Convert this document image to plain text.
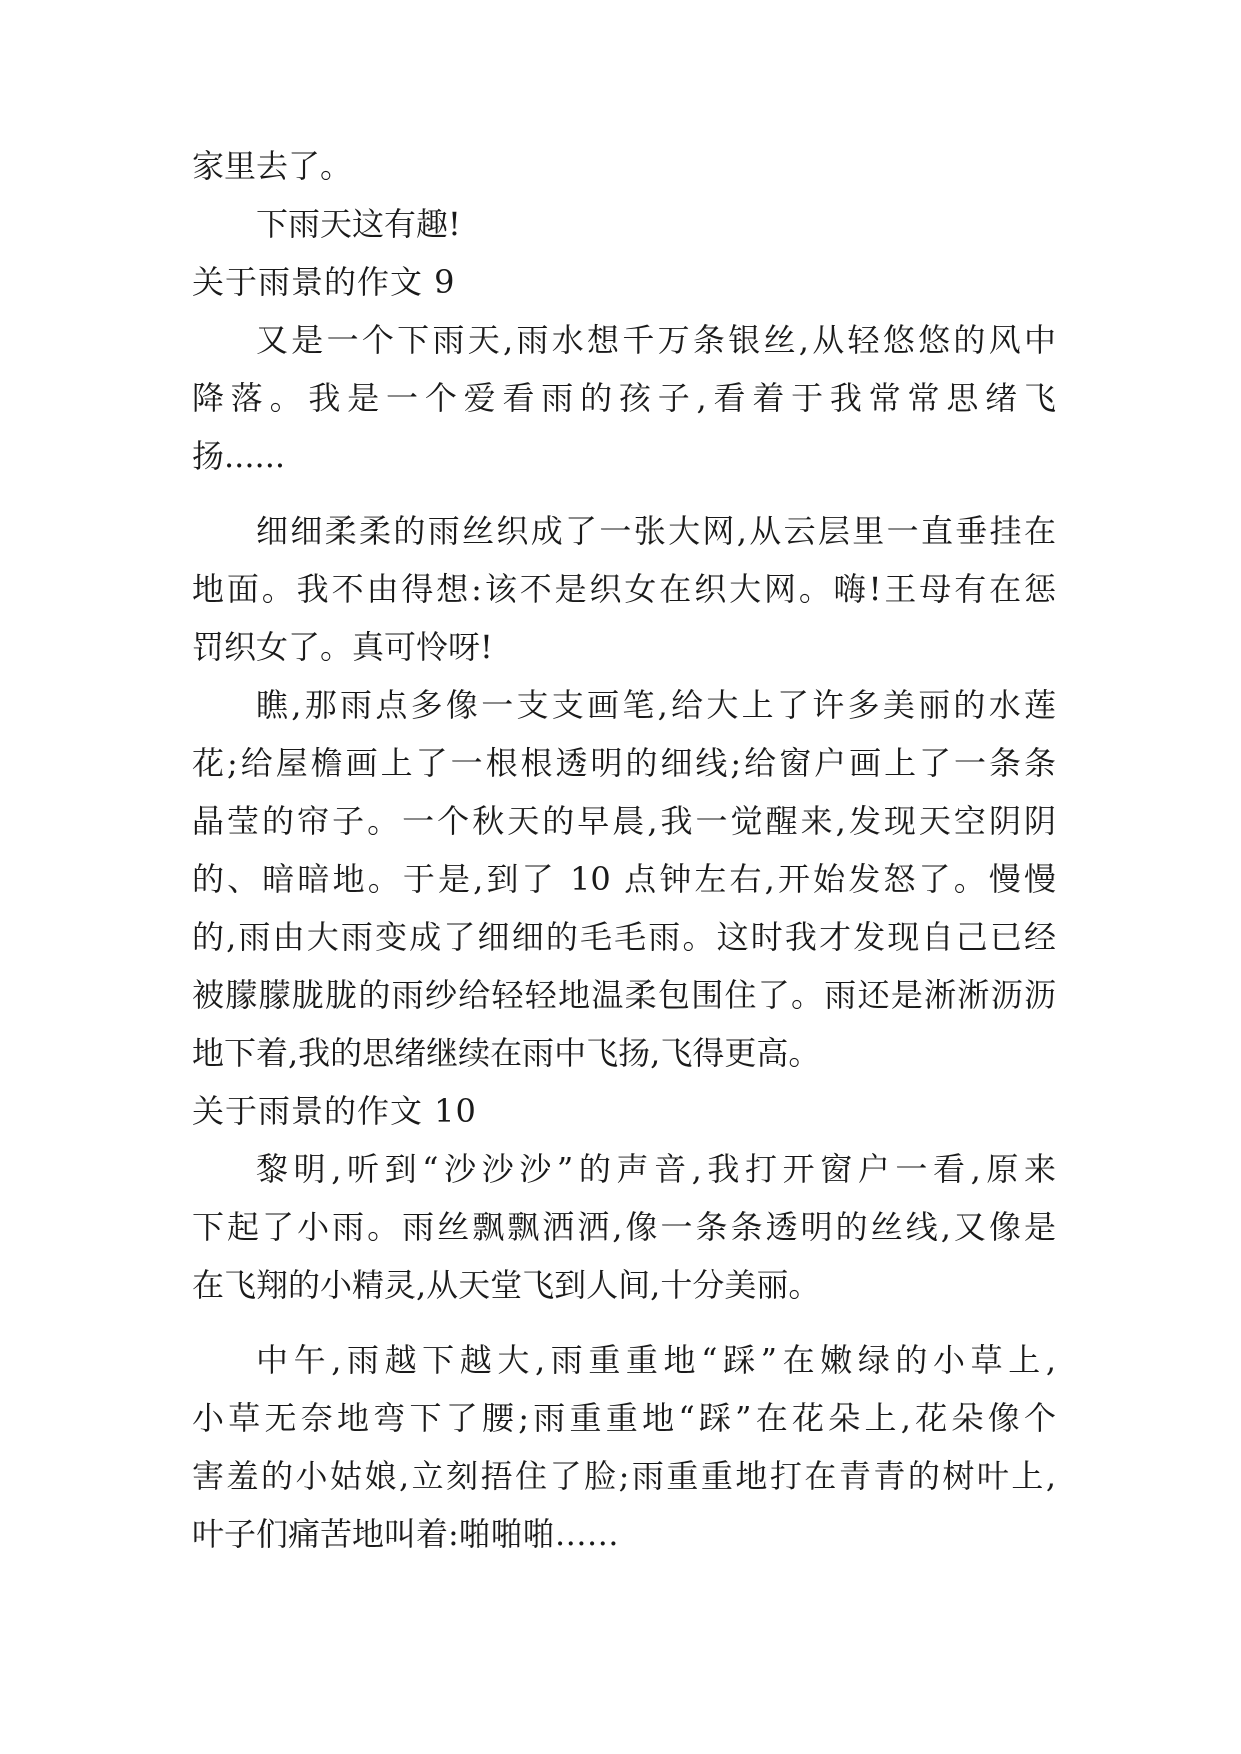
家里去了。
下雨天这有趣!
关于雨景的作文 9
又是一个下雨天,雨水想千万条银丝,从轻悠悠的风中
降落。我是一个爱看雨的孩子,看着于我常常思绪飞
扬......
细细柔柔的雨丝织成了一张大网,从云层里一直垂挂在
地面。我不由得想:该不是织女在织大网。嗨!王母有在惩
罚织女了。真可怜呀!
瞧,那雨点多像一支支画笔,给大上了许多美丽的水莲
花;给屋檐画上了一根根透明的细线;给窗户画上了一条条
晶莹的帘子。一个秋天的早晨,我一觉醒来,发现天空阴阴
的、暗暗地。于是,到了 10 点钟左右,开始发怒了。慢慢
的,雨由大雨变成了细细的毛毛雨。这时我才发现自己已经
被朦朦胧胧的雨纱给轻轻地温柔包围住了。雨还是淅淅沥沥
地下着,我的思绪继续在雨中飞扬,飞得更高。
关于雨景的作文 10
黎明,听到“沙沙沙”的声音,我打开窗户一看,原来
下起了小雨。雨丝飘飘洒洒,像一条条透明的丝线,又像是
在飞翔的小精灵,从天堂飞到人间,十分美丽。
中午,雨越下越大,雨重重地“踩”在嫩绿的小草上,
小草无奈地弯下了腰;雨重重地“踩”在花朵上,花朵像个
害羞的小姑娘,立刻捂住了脸;雨重重地打在青青的树叶上,
叶子们痛苦地叫着:啪啪啪……
